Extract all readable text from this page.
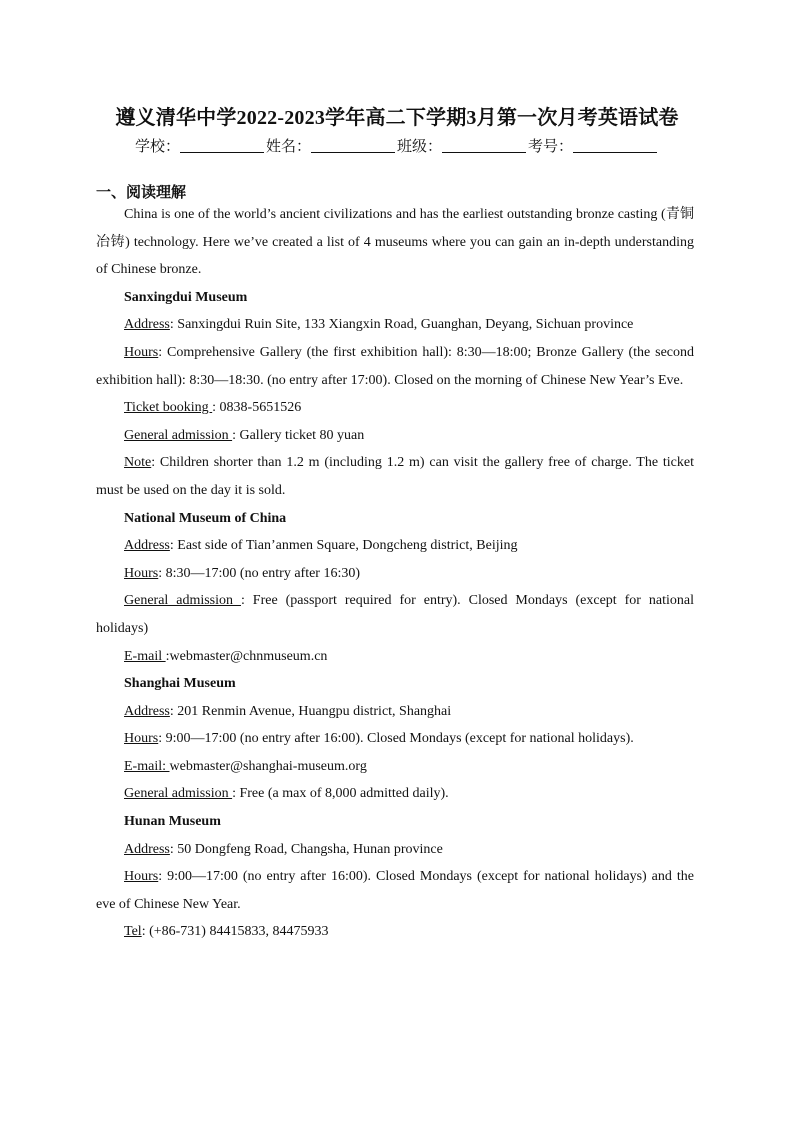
遵义清华中学2022-2023学年高二下学期3月第一次月考英语试卷
学校：	姓名：	班级：	考号：
一、阅读理解

China is one of the world’s ancient civilizations and has the earliest outstanding bronze casting (青铜冶铸) technology. Here we’ve created a list of 4 museums where you can gain an in-depth understanding of Chinese bronze.

Sanxingdui Museum

Address: Sanxingdui Ruin Site, 133 Xiangxin Road, Guanghan, Deyang, Sichuan province

Hours: Comprehensive Gallery (the first exhibition hall): 8:30—18:00; Bronze Gallery (the second exhibition hall): 8:30—18:30. (no entry after 17:00). Closed on the morning of Chinese New Year’s Eve.

Ticket booking : 0838-5651526

General admission : Gallery ticket 80 yuan

Note: Children shorter than 1.2 m (including 1.2 m) can visit the gallery free of charge. The ticket must be used on the day it is sold.

National Museum of China

Address: East side of Tian’anmen Square, Dongcheng district, Beijing

Hours: 8:30—17:00 (no entry after 16:30)

General admission : Free (passport required for entry). Closed Mondays (except for national holidays)

E-mail :webmaster@chnmuseum.cn

Shanghai Museum

Address: 201 Renmin Avenue, Huangpu district, Shanghai

Hours: 9:00—17:00 (no entry after 16:00). Closed Mondays (except for national holidays).

E-mail: webmaster@shanghai-museum.org

General admission : Free (a max of 8,000 admitted daily).

Hunan Museum

Address: 50 Dongfeng Road, Changsha, Hunan province

Hours: 9:00—17:00 (no entry after 16:00). Closed Mondays (except for national holidays) and the eve of Chinese New Year.

Tel: (+86-731) 84415833, 84475933
